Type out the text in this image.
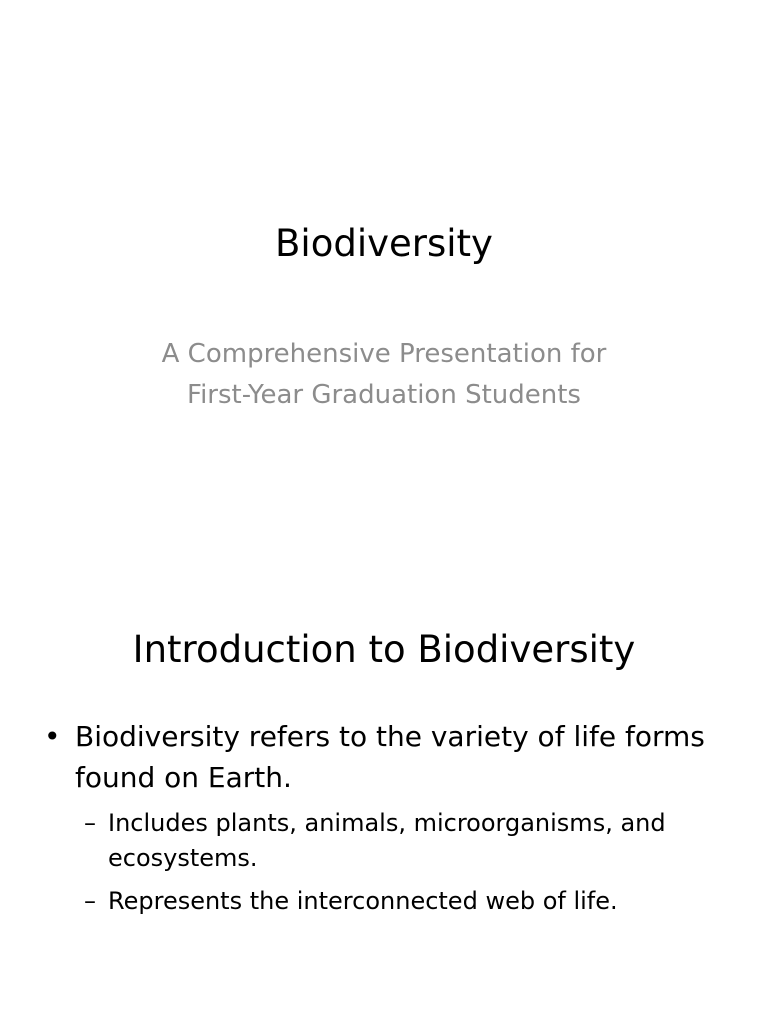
Biodiversity

A Comprehensive Presentation for
First-Year Graduation Students

Introduction to Biodiversity
• Biodiversity refers to the variety of life forms found on Earth.
– Includes plants, animals, microorganisms, and ecosystems.
– Represents the interconnected web of life.
